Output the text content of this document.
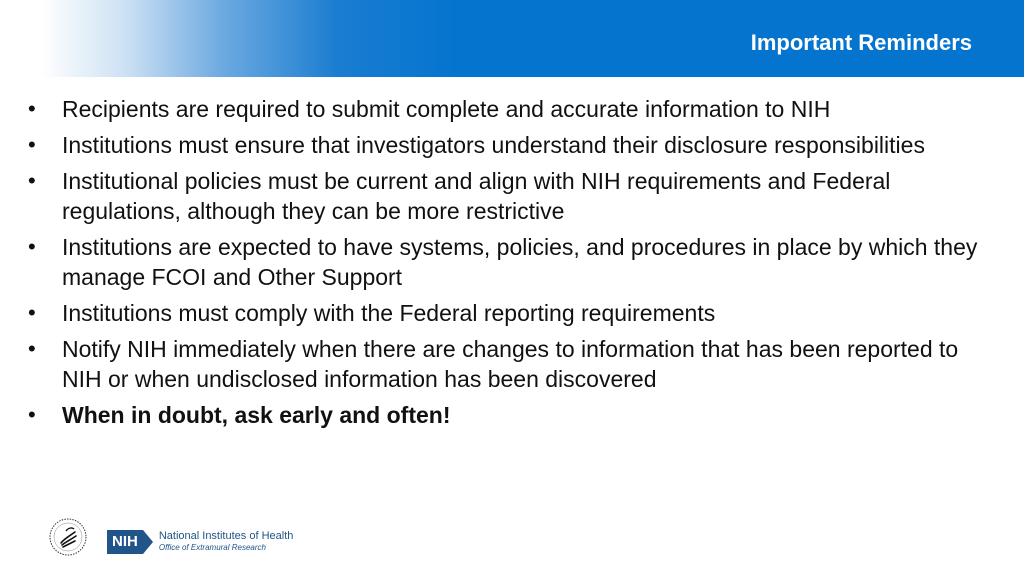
Important Reminders
• Recipients are required to submit complete and accurate information to NIH
• Institutions must ensure that investigators understand their disclosure responsibilities
• Institutional policies must be current and align with NIH requirements and Federal regulations, although they can be more restrictive
• Institutions are expected to have systems, policies, and procedures in place by which they manage FCOI and Other Support
• Institutions must comply with the Federal reporting requirements
• Notify NIH immediately when there are changes to information that has been reported to NIH or when undisclosed information has been discovered
• When in doubt, ask early and often!
NIH	National Institutes of Health
Office of Extramural Research
